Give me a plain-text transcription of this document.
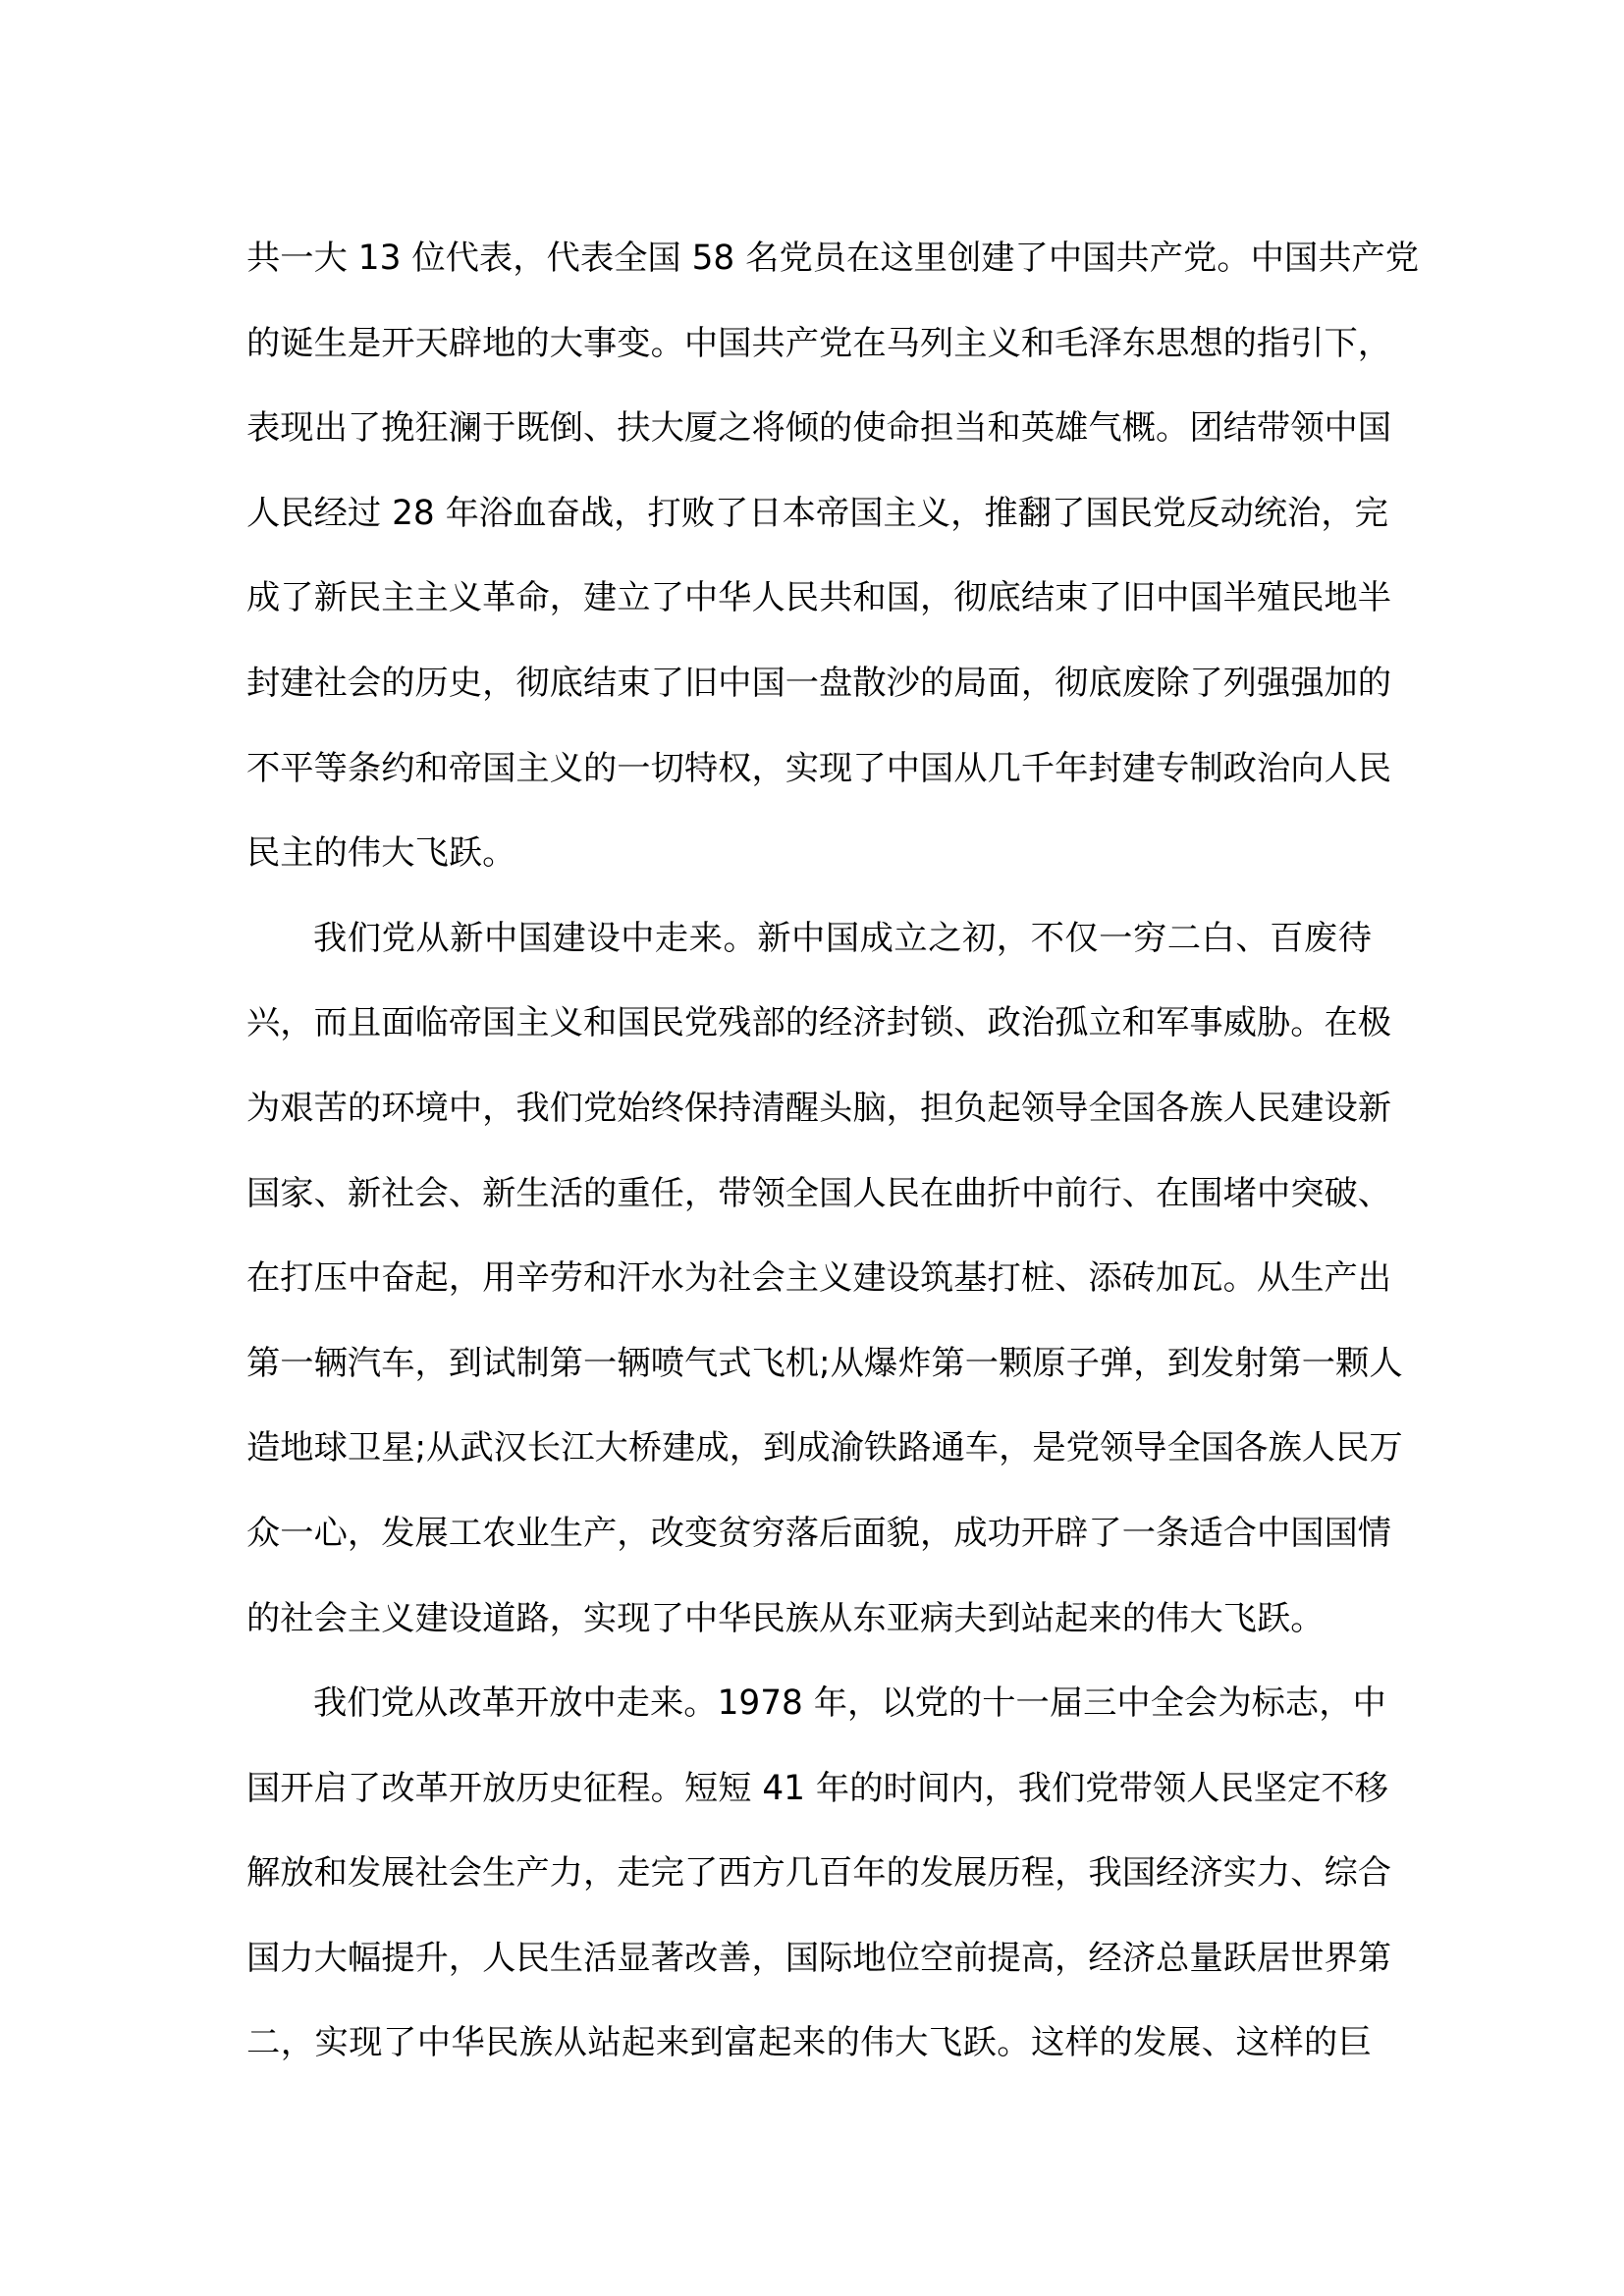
共一大 13 位代表，代表全国 58 名党员在这里创建了中国共产党。中国共产党
的诞生是开天辟地的大事变。中国共产党在马列主义和毛泽东思想的指引下，
表现出了挽狂澜于既倒、扶大厦之将倾的使命担当和英雄气概。团结带领中国
人民经过 28 年浴血奋战，打败了日本帝国主义，推翻了国民党反动统治，完
成了新民主主义革命，建立了中华人民共和国，彻底结束了旧中国半殖民地半
封建社会的历史，彻底结束了旧中国一盘散沙的局面，彻底废除了列强强加的
不平等条约和帝国主义的一切特权，实现了中国从几千年封建专制政治向人民
民主的伟大飞跃。
我们党从新中国建设中走来。新中国成立之初，不仅一穷二白、百废待
兴，而且面临帝国主义和国民党残部的经济封锁、政治孤立和军事威胁。在极
为艰苦的环境中，我们党始终保持清醒头脑，担负起领导全国各族人民建设新
国家、新社会、新生活的重任，带领全国人民在曲折中前行、在围堵中突破、
在打压中奋起，用辛劳和汗水为社会主义建设筑基打桩、添砖加瓦。从生产出
第一辆汽车，到试制第一辆喷气式飞机;从爆炸第一颗原子弹，到发射第一颗人
造地球卫星;从武汉长江大桥建成，到成渝铁路通车，是党领导全国各族人民万
众一心，发展工农业生产，改变贫穷落后面貌，成功开辟了一条适合中国国情
的社会主义建设道路，实现了中华民族从东亚病夫到站起来的伟大飞跃。
我们党从改革开放中走来。1978 年，以党的十一届三中全会为标志，中
国开启了改革开放历史征程。短短 41 年的时间内，我们党带领人民坚定不移
解放和发展社会生产力，走完了西方几百年的发展历程，我国经济实力、综合
国力大幅提升，人民生活显著改善，国际地位空前提高，经济总量跃居世界第
二，实现了中华民族从站起来到富起来的伟大飞跃。这样的发展、这样的巨
